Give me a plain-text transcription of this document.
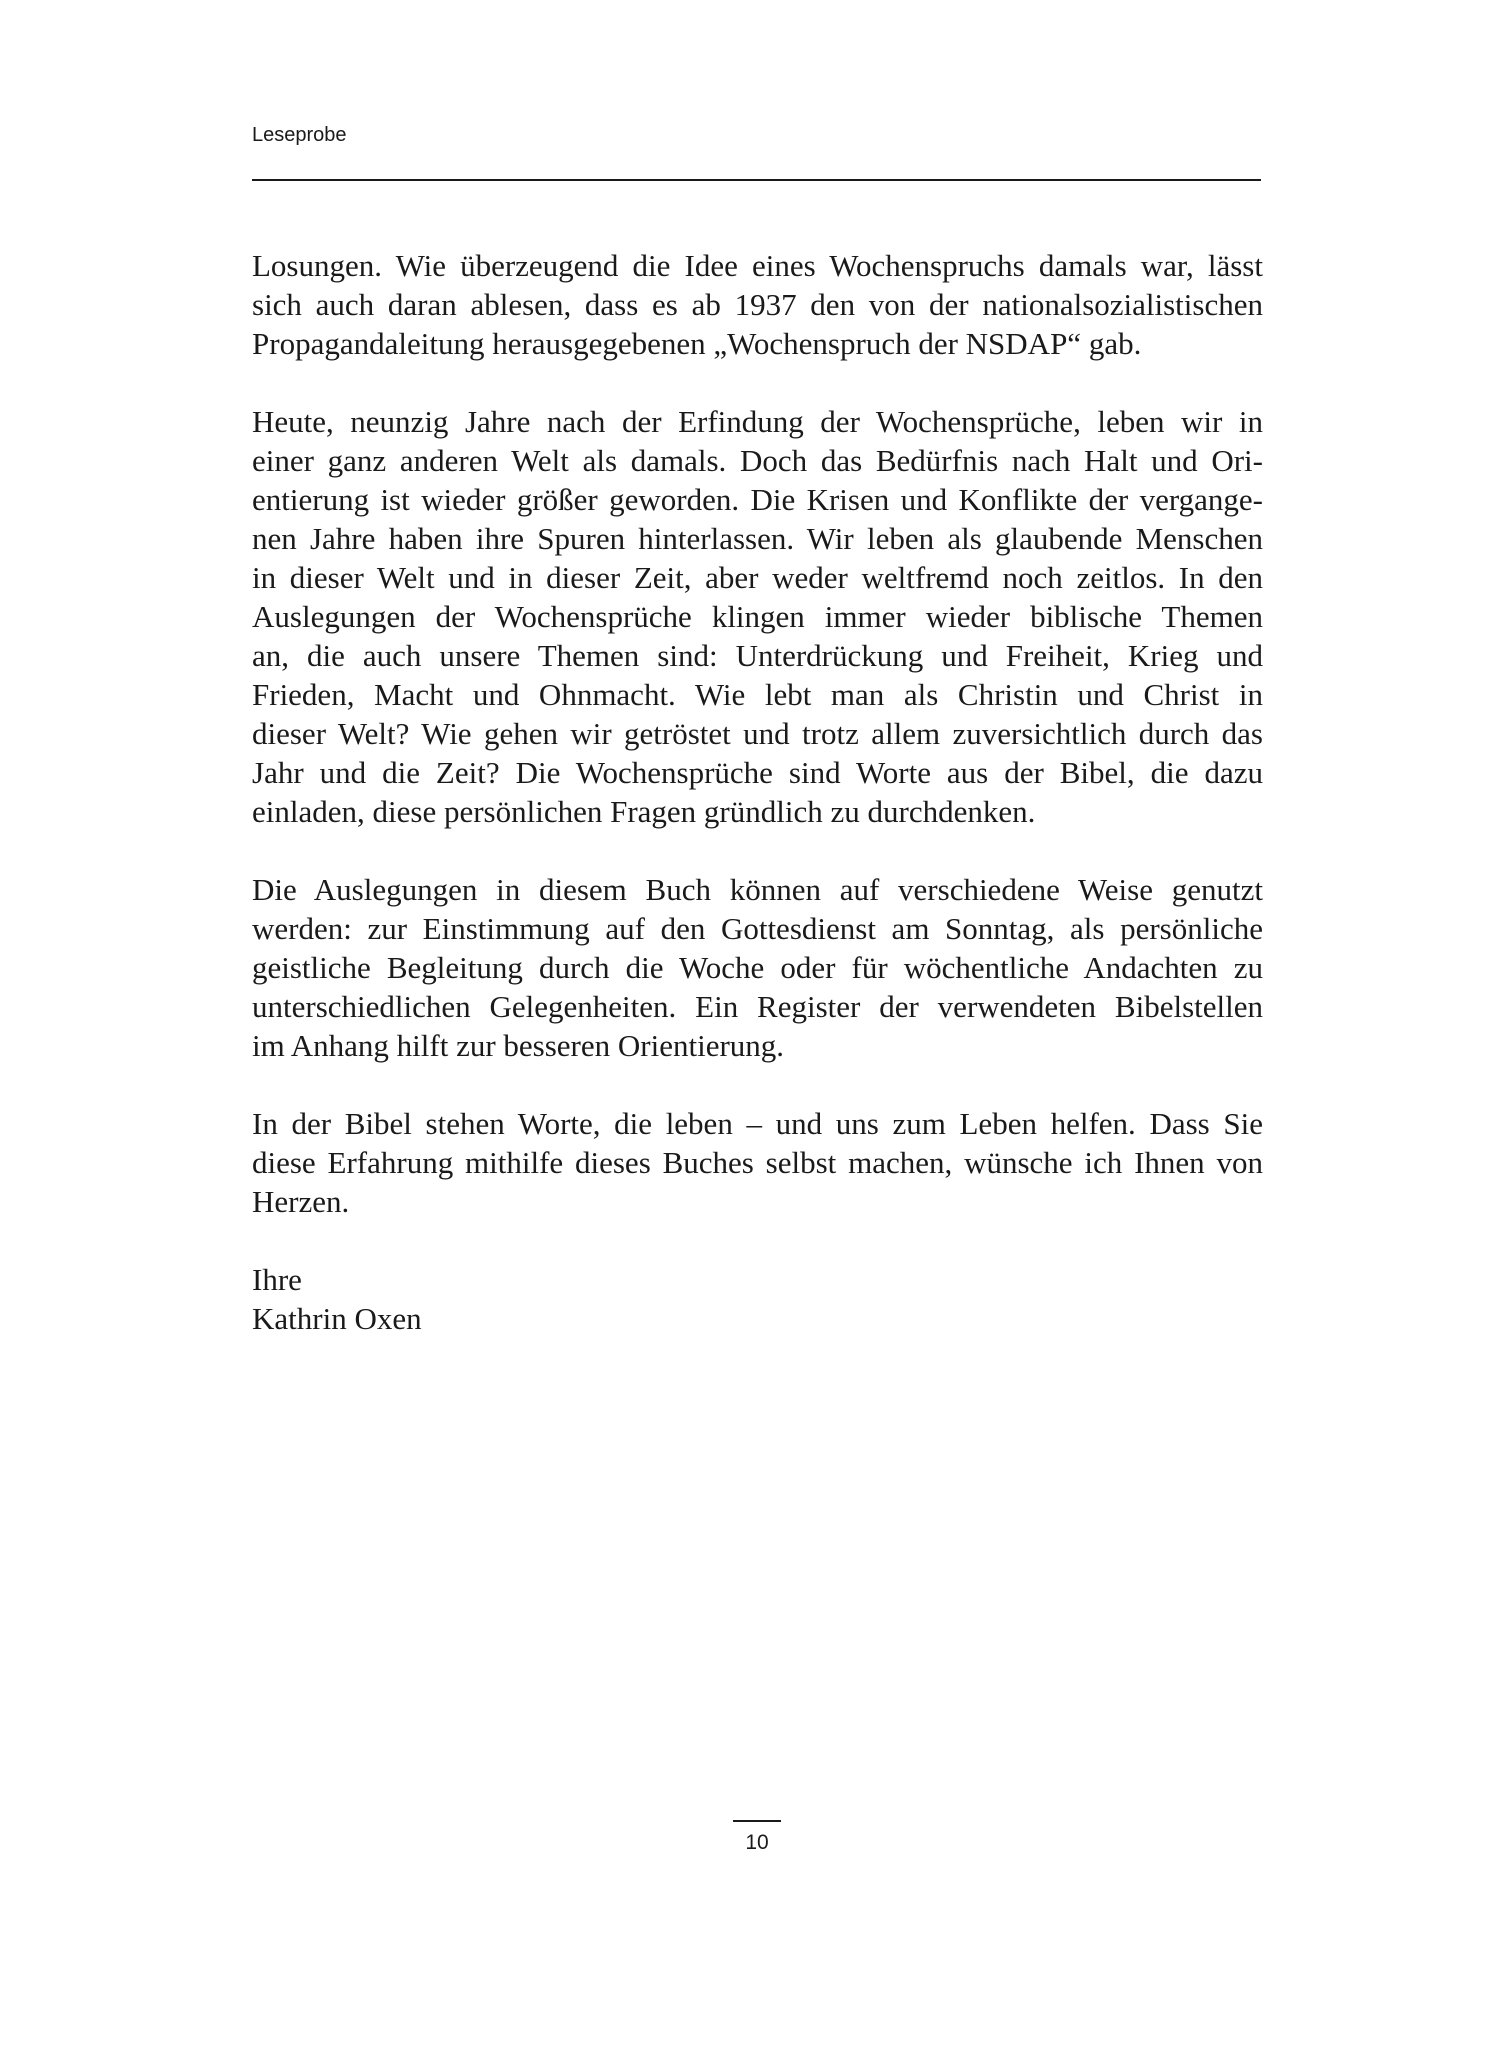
Leseprobe

Losungen. Wie überzeugend die Idee eines Wochenspruchs damals war, lässt
sich auch daran ablesen, dass es ab 1937 den von der nationalsozialistischen
Propagandaleitung herausgegebenen „Wochenspruch der NSDAP“ gab.
Heute, neunzig Jahre nach der Erfindung der Wochensprüche, leben wir in
einer ganz anderen Welt als damals. Doch das Bedürfnis nach Halt und Ori-
entierung ist wieder größer geworden. Die Krisen und Konflikte der vergange-
nen Jahre haben ihre Spuren hinterlassen. Wir leben als glaubende Menschen
in dieser Welt und in dieser Zeit, aber weder weltfremd noch zeitlos. In den
Auslegungen der Wochensprüche klingen immer wieder biblische Themen
an, die auch unsere Themen sind: Unterdrückung und Freiheit, Krieg und
Frieden, Macht und Ohnmacht. Wie lebt man als Christin und Christ in
dieser Welt? Wie gehen wir getröstet und trotz allem zuversichtlich durch das
Jahr und die Zeit? Die Wochensprüche sind Worte aus der Bibel, die dazu
einladen, diese persönlichen Fragen gründlich zu durchdenken.
Die Auslegungen in diesem Buch können auf verschiedene Weise genutzt
werden: zur Einstimmung auf den Gottesdienst am Sonntag, als persönliche
geistliche Begleitung durch die Woche oder für wöchentliche Andachten zu
unterschiedlichen Gelegenheiten. Ein Register der verwendeten Bibelstellen
im Anhang hilft zur besseren Orientierung.
In der Bibel stehen Worte, die leben – und uns zum Leben helfen. Dass Sie
diese Erfahrung mithilfe dieses Buches selbst machen, wünsche ich Ihnen von
Herzen.
Ihre
Kathrin Oxen
10
